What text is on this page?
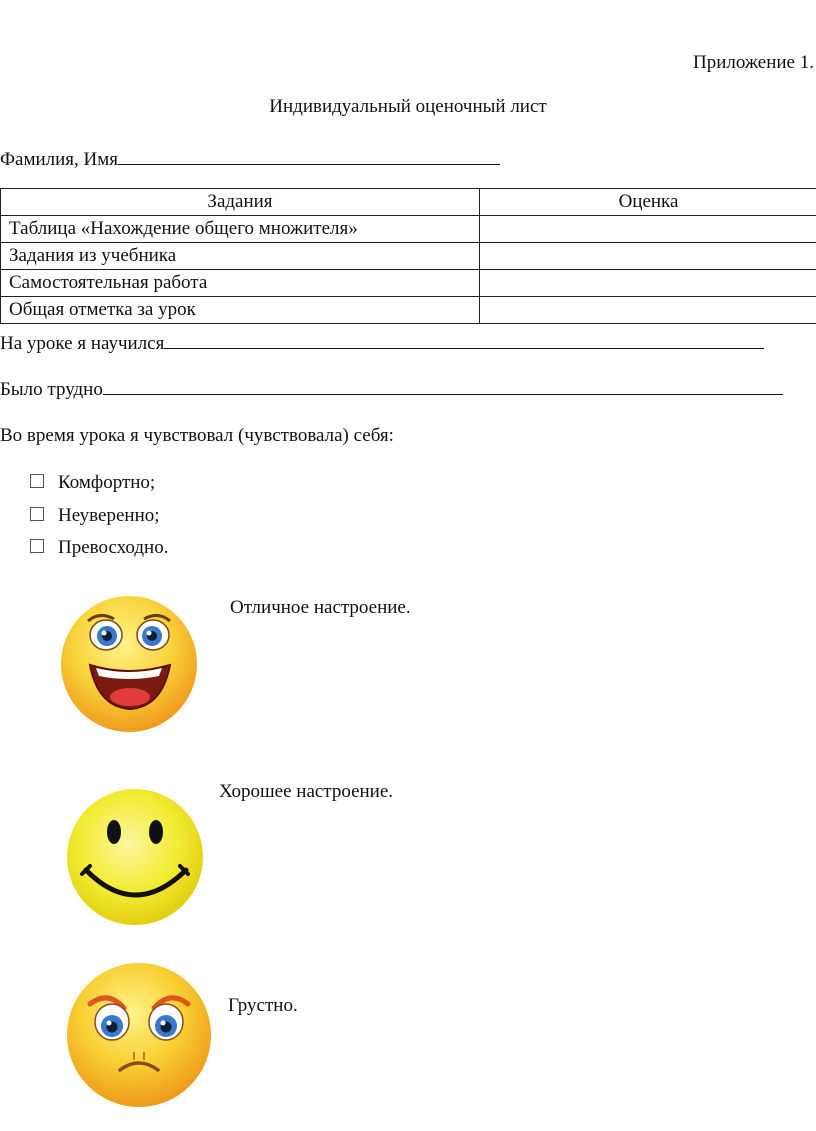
Приложение 1.
Индивидуальный оценочный лист
Фамилия, Имя
Задания	Оценка
Таблица «Нахождение общего множителя»	
Задания из учебника	
Самостоятельная работа	
Общая отметка за урок	
На уроке я научился
Было трудно
Во время урока я чувствовал (чувствовала) себя:
Комфортно;
Неуверенно;
Превосходно.
Отличное настроение.
Хорошее настроение.
Грустно.
